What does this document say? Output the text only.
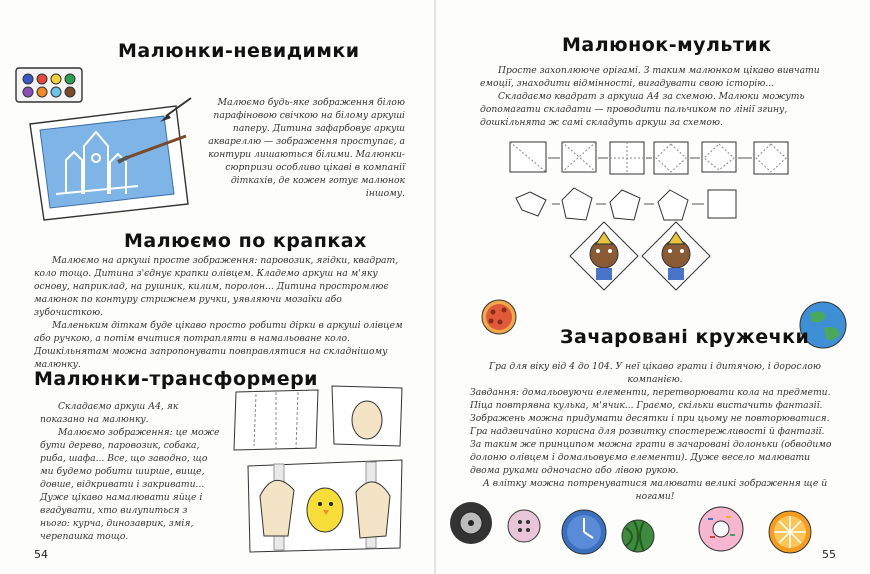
Малюнки-невидимки

Малюємо будь-яке зображення білою парафіновою свічкою на білому аркуші паперу. Дитина зафарбовує аркуш аквареллю — зображення проступає, а контури лишаються білими. Малюнки-сюрпризи особливо цікаві в компанії діткахів, де кожен готує малюнок іншому.

Малюємо по крапках

Малюємо на аркуші просте зображення: паровозик, ягідки, квадрат, коло тощо. Дитина з'єднує крапки олівцем. Кладемо аркуш на м'яку основу, наприклад, на рушник, килим, поролон... Дитина простромлює малюнок по контуру стрижнем ручки, уявляючи мозаїки або зубочисткою.

Маленьким діткам буде цікаво просто робити дірки в аркуші олівцем або ручкою, а потім вчитися потрапляти в намальоване коло. Дошкільнятам можна запропонувати повправлятися на складнішому малюнку.

Малюнки-трансформери

Складаємо аркуш А4, як показано на малюнку.

Малюємо зображення: це може бути дерево, паровозик, собака, риба, шафа... Все, що заводно, що ми будемо робити ширше, вище, довше, відкривати і закривати... Дуже цікаво намалювати яйце і вгадувати, хто вилупиться з нього: курча, динозаврик, змія, черепашка тощо.

54
Малюнок-мультик

Просте захоплююче орігамі. З таким малюнком цікаво вивчати емоції, знаходити відмінності, вигадувати свою історію...

Складаємо квадрат з аркуша А4 за схемою. Малюки можуть допомагати складати — проводити пальчиком по лінії згину, дошкільнята ж самі складуть аркуш за схемою.

Зачаровані кружечки

Гра для віку від 4 до 104. У неї цікаво грати і дитячою, і дорослою компанією.

Завдання: домальовуючи елементи, перетворювати кола на предмети. Піца повтрявна кулька, м'ячик... Граємо, скільки вистачить фантазії. Зображень можна придумати десятки і при цьому не повторюватися. Гра надзвичайно корисна для розвитку спостережливості й фантазії.

За таким же принципом можна грати в зачаровані долоньки (обводимо долоню олівцем і домальовуємо елементи). Дуже весело малювати двома руками одночасно або лівою рукою.

А влітку можна потренуватися малювати великі зображення ще й ногами!

55
